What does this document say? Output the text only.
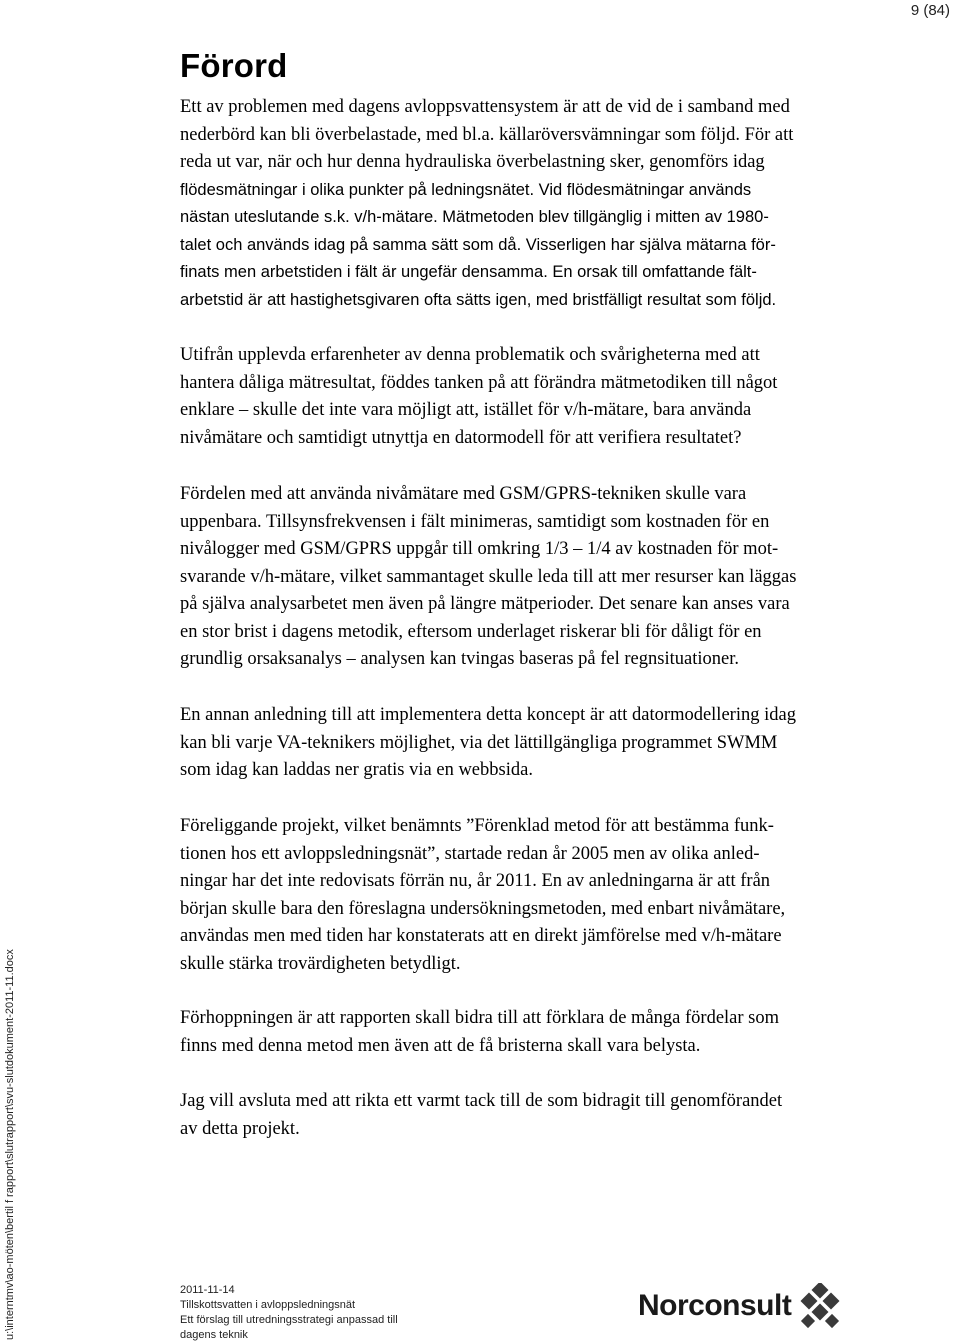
9 (84)
u:\interntmv\ao-möten\bertil f rapport\slutrapport\svu-slutdokument-2011-11.docx
Förord

Ett av problemen med dagens avloppsvattensystem är att de vid de i samband med

nederbörd kan bli överbelastade, med bl.a. källaröversvämningar som följd. För att

reda ut var, när och hur denna hydrauliska överbelastning sker, genomförs idag

flödesmätningar i olika punkter på ledningsnätet. Vid flödesmätningar används

nästan uteslutande s.k. v/h-mätare. Mätmetoden blev tillgänglig i mitten av 1980-

talet och används idag på samma sätt som då. Visserligen har själva mätarna för-

finats men arbetstiden i fält är ungefär densamma. En orsak till omfattande fält-

arbetstid är att hastighetsgivaren ofta sätts igen, med bristfälligt resultat som följd.

Utifrån upplevda erfarenheter av denna problematik och svårigheterna med att

hantera dåliga mätresultat, föddes tanken på att förändra mätmetodiken till något

enklare – skulle det inte vara möjligt att, istället för v/h-mätare, bara använda

nivåmätare och samtidigt utnyttja en datormodell för att verifiera resultatet?

Fördelen med att använda nivåmätare med GSM/GPRS-tekniken skulle vara

uppenbara. Tillsynsfrekvensen i fält minimeras, samtidigt som kostnaden för en

nivålogger med GSM/GPRS uppgår till omkring 1/3 – 1/4 av kostnaden för mot-

svarande v/h-mätare, vilket sammantaget skulle leda till att mer resurser kan läggas

på själva analysarbetet men även på längre mätperioder. Det senare kan anses vara

en stor brist i dagens metodik, eftersom underlaget riskerar bli för dåligt för en

grundlig orsaksanalys – analysen kan tvingas baseras på fel regnsituationer.

En annan anledning till att implementera detta koncept är att datormodellering idag

kan bli varje VA-teknikers möjlighet, via det lättillgängliga programmet SWMM

som idag kan laddas ner gratis via en webbsida.

Föreliggande projekt, vilket benämnts ”Förenklad metod för att bestämma funk-

tionen hos ett avloppsledningsnät”, startade redan år 2005 men av olika anled-

ningar har det inte redovisats förrän nu, år 2011. En av anledningarna är att från

början skulle bara den föreslagna undersökningsmetoden, med enbart nivåmätare,

användas men med tiden har konstaterats att en direkt jämförelse med v/h-mätare

skulle stärka trovärdigheten betydligt.

Förhoppningen är att rapporten skall bidra till att förklara de många fördelar som

finns med denna metod men även att de få bristerna skall vara belysta.

Jag vill avsluta med att rikta ett varmt tack till de som bidragit till genomförandet

av detta projekt.

2011-11-14
Tillskottsvatten i avloppsledningsnät
Ett förslag till utredningsstrategi anpassad till
dagens teknik
Norconsult
